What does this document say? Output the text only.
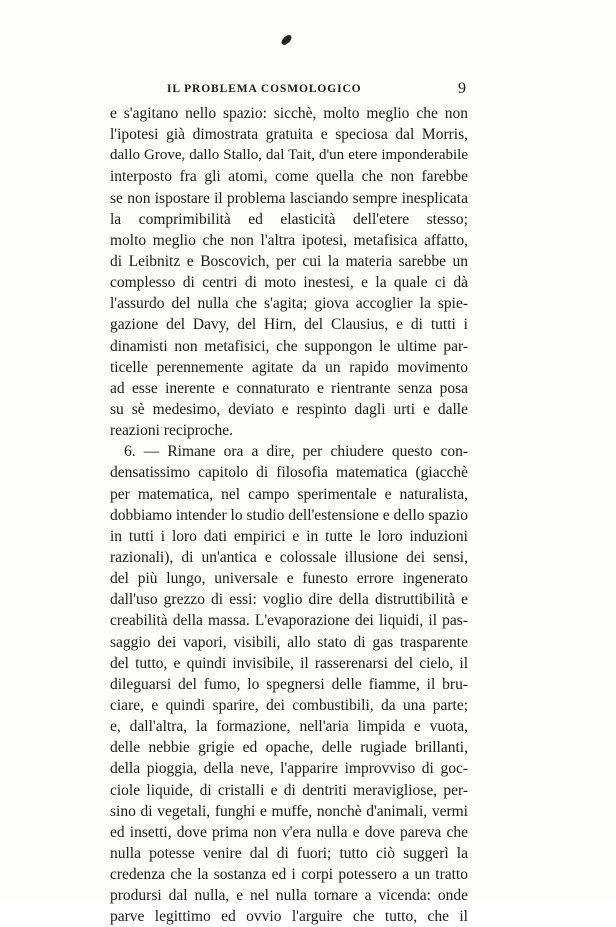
IL PROBLEMA COSMOLOGICO	9
e s'agitano nello spazio: sicchè, molto meglio che non
l'ipotesi già dimostrata gratuita e speciosa dal Morris,
dallo Grove, dallo Stallo, dal Tait, d'un etere imponderabile
interposto fra gli atomi, come quella che non farebbe
se non ispostare il problema lasciando sempre inesplicata
la comprimibilità ed elasticità dell'etere stesso;
molto meglio che non l'altra ipotesi, metafisica affatto,
di Leibnitz e Boscovich, per cui la materia sarebbe un
complesso di centri di moto inestesi, e la quale ci dà
l'assurdo del nulla che s'agita; giova accoglier la spie-
gazione del Davy, del Hirn, del Clausius, e di tutti i
dinamisti non metafisici, che suppongon le ultime par-
ticelle perennemente agitate da un rapido movimento
ad esse inerente e connaturato e rientrante senza posa
su sè medesimo, deviato e respinto dagli urti e dalle
reazioni reciproche.
6. — Rimane ora a dire, per chiudere questo con-
densatissimo capitolo di filosofia matematica (giacchè
per matematica, nel campo sperimentale e naturalista,
dobbiamo intender lo studio dell'estensione e dello spazio
in tutti i loro dati empirici e in tutte le loro induzioni
razionali), di un'antica e colossale illusione dei sensi,
del più lungo, universale e funesto errore ingenerato
dall'uso grezzo di essi: voglio dire della distruttibilità e
creabilità della massa. L'evaporazione dei liquidi, il pas-
saggio dei vapori, visibili, allo stato di gas trasparente
del tutto, e quindi invisibile, il rasserenarsi del cielo, il
dileguarsi del fumo, lo spegnersi delle fiamme, il bru-
ciare, e quindi sparire, dei combustibili, da una parte;
e, dall'altra, la formazione, nell'aria limpida e vuota,
delle nebbie grigie ed opache, delle rugiade brillanti,
della pioggia, della neve, l'apparire improvviso di goc-
ciole liquide, di cristalli e di dentriti meravigliose, per-
sino di vegetali, funghi e muffe, nonchè d'animali, vermi
ed insetti, dove prima non v'era nulla e dove pareva che
nulla potesse venire dal di fuori; tutto ciò suggerì la
credenza che la sostanza ed i corpi potessero a un tratto
prodursi dal nulla, e nel nulla tornare a vicenda: onde
parve legittimo ed ovvio l'arguire che tutto, che il
